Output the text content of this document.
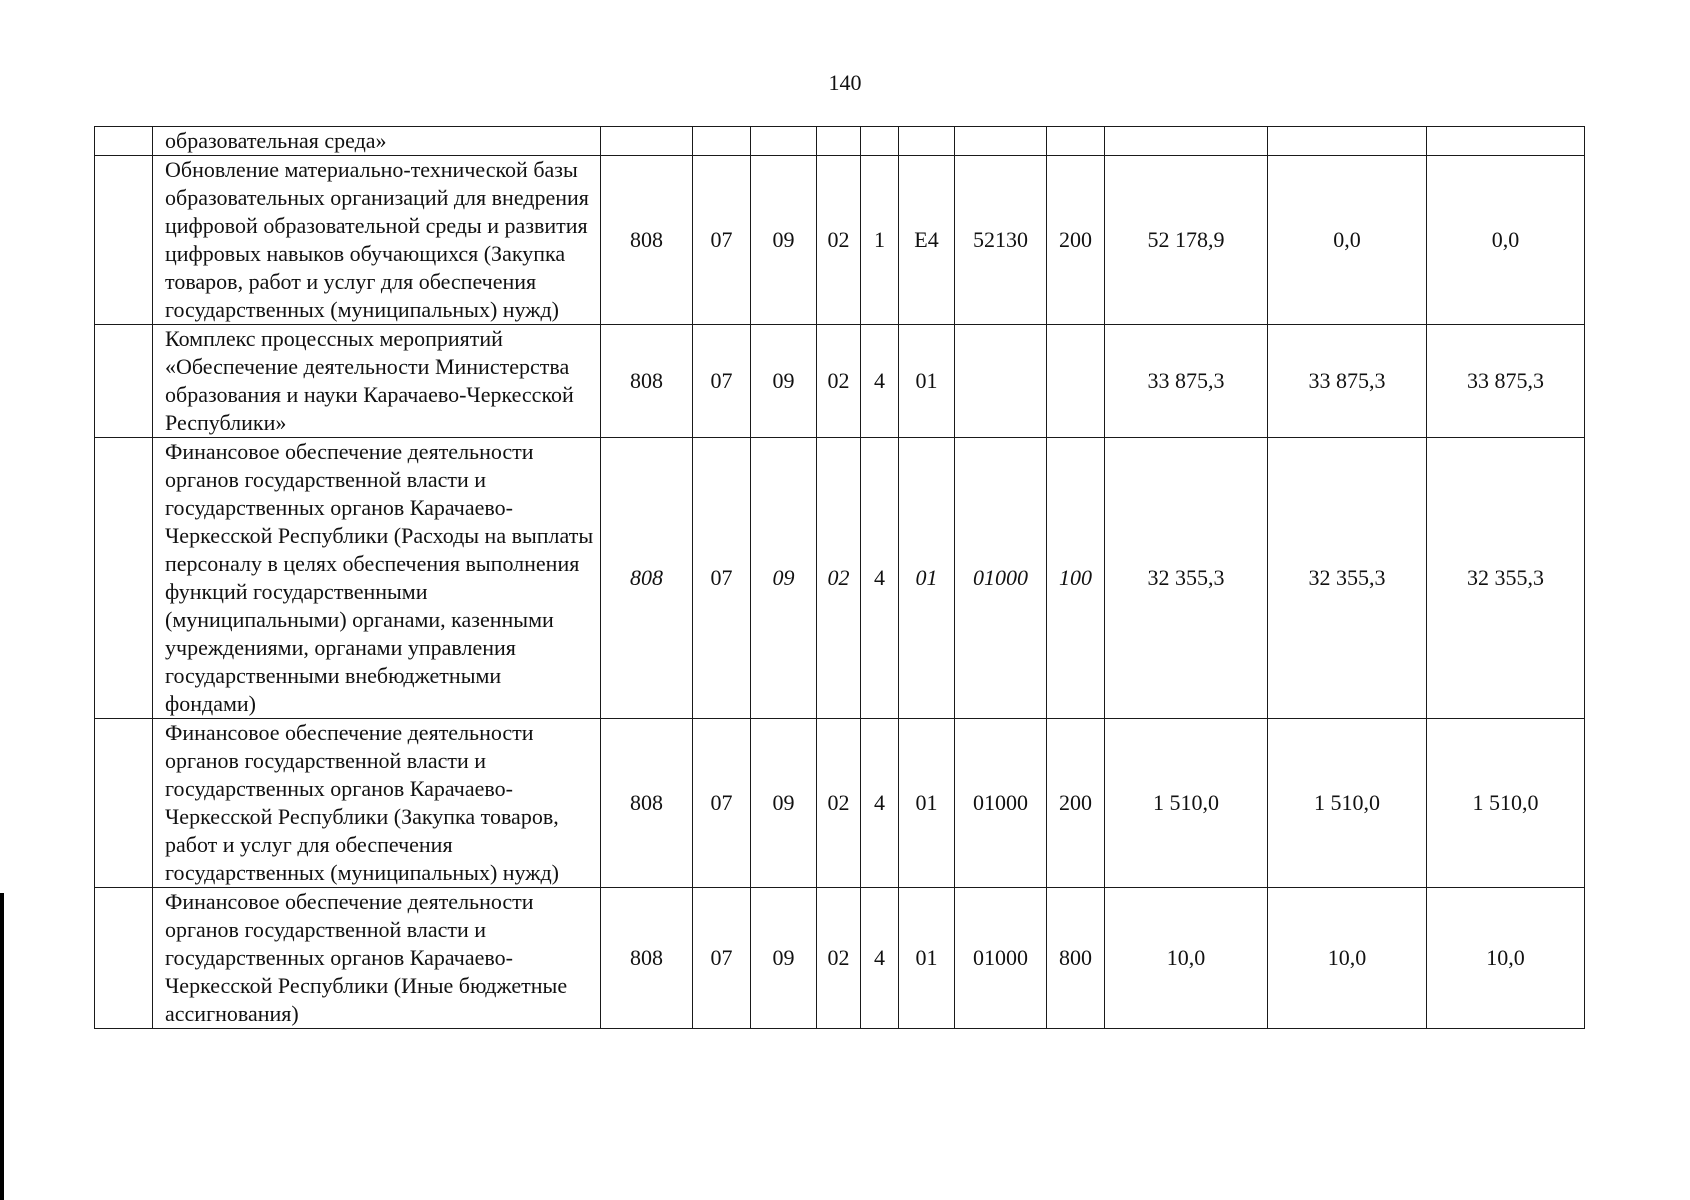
140
	образовательная среда»											
	Обновление материально-технической базы образовательных организаций для внедрения цифровой образовательной среды и развития цифровых навыков обучающихся (Закупка товаров, работ и услуг для обеспечения государственных (муниципальных) нужд)	808	07	09	02	1	E4	52130	200	52 178,9	0,0	0,0
	Комплекс процессных мероприятий «Обеспечение деятельности Министерства образования и науки Карачаево-Черкесской Республики»	808	07	09	02	4	01			33 875,3	33 875,3	33 875,3
	Финансовое обеспечение деятельности органов государственной власти и государственных органов Карачаево-Черкесской Республики (Расходы на выплаты персоналу в целях обеспечения выполнения функций государственными (муниципальными) органами, казенными учреждениями, органами управления государственными внебюджетными фондами)	808	07	09	02	4	01	01000	100	32 355,3	32 355,3	32 355,3
	Финансовое обеспечение деятельности органов государственной власти и государственных органов Карачаево-Черкесской Республики (Закупка товаров, работ и услуг для обеспечения государственных (муниципальных) нужд)	808	07	09	02	4	01	01000	200	1 510,0	1 510,0	1 510,0
	Финансовое обеспечение деятельности органов государственной власти и государственных органов Карачаево-Черкесской Республики (Иные бюджетные ассигнования)	808	07	09	02	4	01	01000	800	10,0	10,0	10,0
